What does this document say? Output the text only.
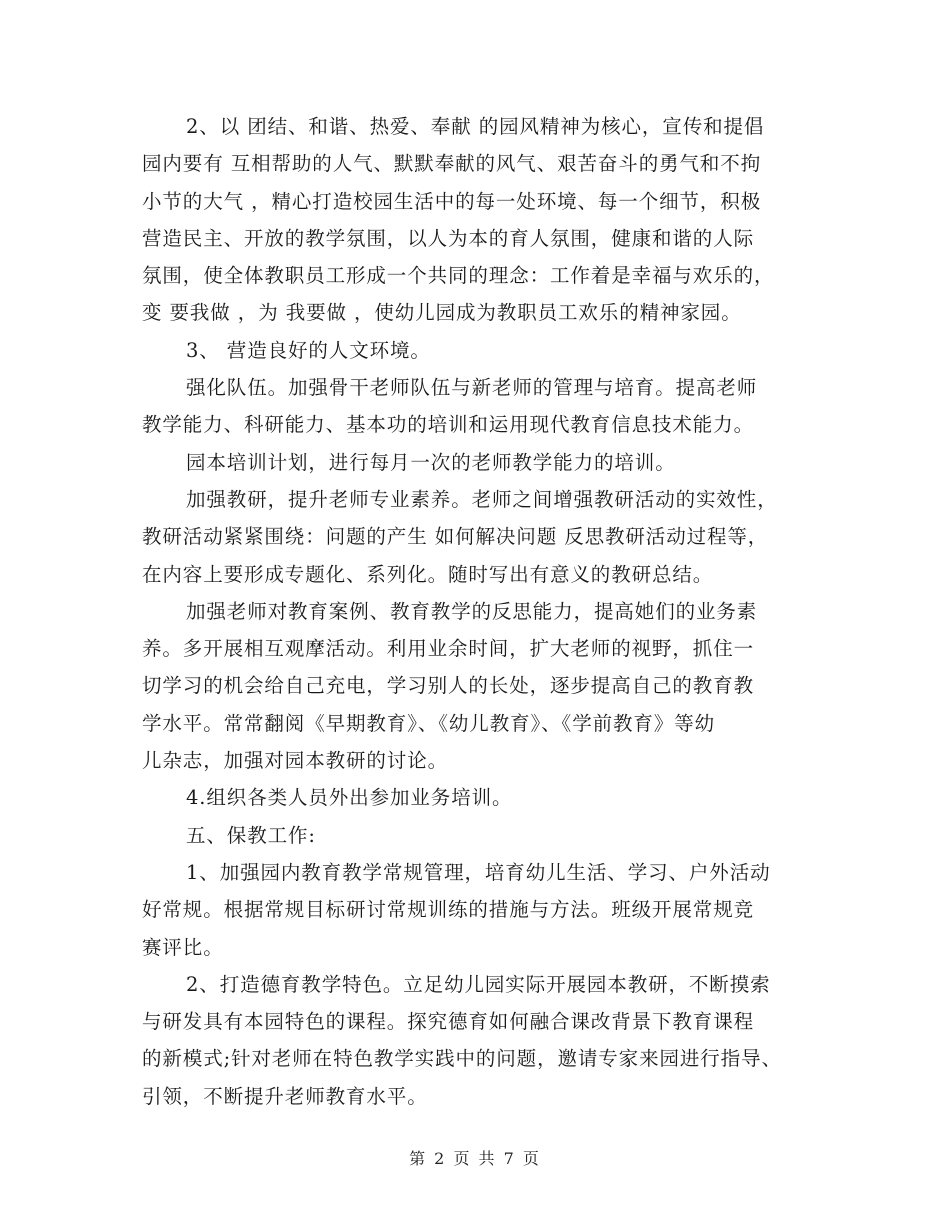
2、以 团结、和谐、热爱、奉献 的园风精神为核心，宣传和提倡
园内要有 互相帮助的人气、默默奉献的风气、艰苦奋斗的勇气和不拘
小节的大气 ，精心打造校园生活中的每一处环境、每一个细节，积极
营造民主、开放的教学氛围，以人为本的育人氛围，健康和谐的人际
氛围，使全体教职员工形成一个共同的理念：工作着是幸福与欢乐的，
变 要我做 ，为 我要做 ，使幼儿园成为教职员工欢乐的精神家园。
3、 营造良好的人文环境。
强化队伍。加强骨干老师队伍与新老师的管理与培育。提高老师
教学能力、科研能力、基本功的培训和运用现代教育信息技术能力。
园本培训计划，进行每月一次的老师教学能力的培训。
加强教研，提升老师专业素养。老师之间增强教研活动的实效性，
教研活动紧紧围绕：问题的产生 如何解决问题 反思教研活动过程等，
在内容上要形成专题化、系列化。随时写出有意义的教研总结。
加强老师对教育案例、教育教学的反思能力，提高她们的业务素
养。多开展相互观摩活动。利用业余时间，扩大老师的视野，抓住一
切学习的机会给自己充电，学习别人的长处，逐步提高自己的教育教
学水平。常常翻阅《早期教育》、《幼儿教育》、《学前教育》等幼
儿杂志，加强对园本教研的讨论。
4.组织各类人员外出参加业务培训。
五、保教工作:
1、加强园内教育教学常规管理，培育幼儿生活、学习、户外活动
好常规。根据常规目标研讨常规训练的措施与方法。班级开展常规竞
赛评比。
2、打造德育教学特色。立足幼儿园实际开展园本教研，不断摸索
与研发具有本园特色的课程。探究德育如何融合课改背景下教育课程
的新模式;针对老师在特色教学实践中的问题，邀请专家来园进行指导、
引领，不断提升老师教育水平。
第 2 页 共 7 页
